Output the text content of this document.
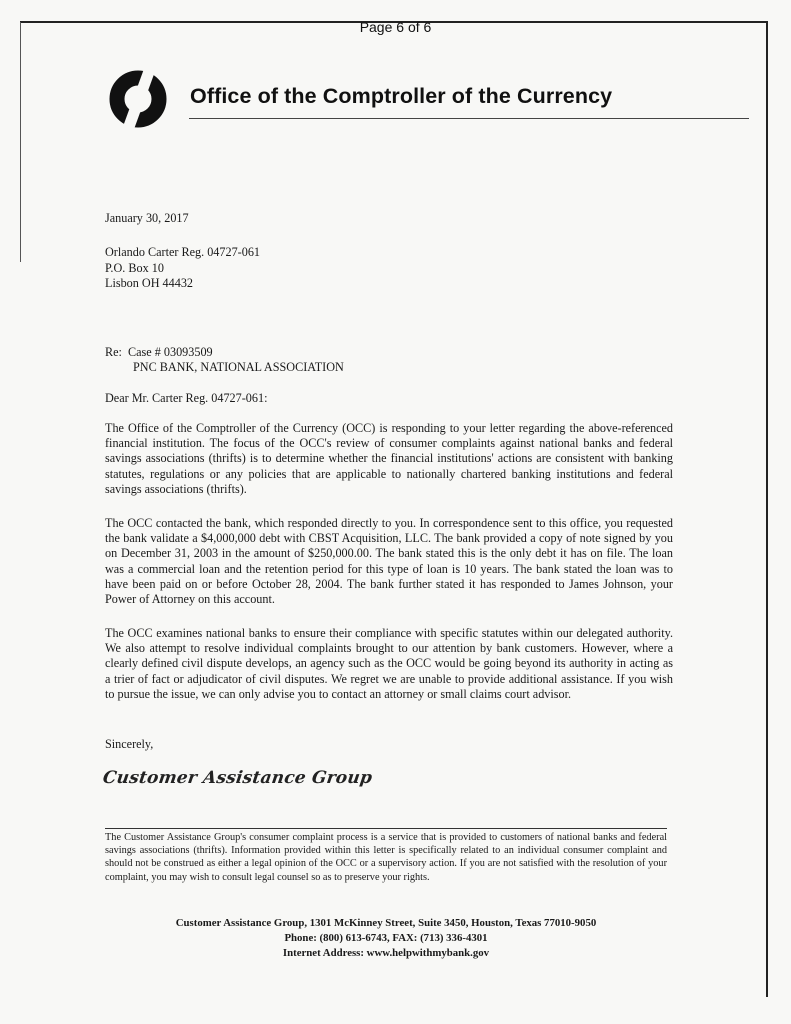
Page 6 of 6
Office of the Comptroller of the Currency
January 30, 2017
Orlando Carter Reg. 04727-061
P.O. Box 10
Lisbon OH 44432
Re:  Case # 03093509
PNC BANK, NATIONAL ASSOCIATION
Dear Mr. Carter Reg. 04727-061:
The Office of the Comptroller of the Currency (OCC) is responding to your letter regarding the above-referenced financial institution. The focus of the OCC's review of consumer complaints against national banks and federal savings associations (thrifts) is to determine whether the financial institutions' actions are consistent with banking statutes, regulations or any policies that are applicable to nationally chartered banking institutions and federal savings associations (thrifts).
The OCC contacted the bank, which responded directly to you. In correspondence sent to this office, you requested the bank validate a $4,000,000 debt with CBST Acquisition, LLC. The bank provided a copy of note signed by you on December 31, 2003 in the amount of $250,000.00. The bank stated this is the only debt it has on file. The loan was a commercial loan and the retention period for this type of loan is 10 years. The bank stated the loan was to have been paid on or before October 28, 2004. The bank further stated it has responded to James Johnson, your Power of Attorney on this account.
The OCC examines national banks to ensure their compliance with specific statutes within our delegated authority. We also attempt to resolve individual complaints brought to our attention by bank customers. However, where a clearly defined civil dispute develops, an agency such as the OCC would be going beyond its authority in acting as a trier of fact or adjudicator of civil disputes. We regret we are unable to provide additional assistance. If you wish to pursue the issue, we can only advise you to contact an attorney or small claims court advisor.
Sincerely,
Customer Assistance Group
The Customer Assistance Group's consumer complaint process is a service that is provided to customers of national banks and federal savings associations (thrifts). Information provided within this letter is specifically related to an individual consumer complaint and should not be construed as either a legal opinion of the OCC or a supervisory action. If you are not satisfied with the resolution of your complaint, you may wish to consult legal counsel so as to preserve your rights.
Customer Assistance Group, 1301 McKinney Street, Suite 3450, Houston, Texas 77010-9050
Phone: (800) 613-6743, FAX: (713) 336-4301
Internet Address: www.helpwithmybank.gov
